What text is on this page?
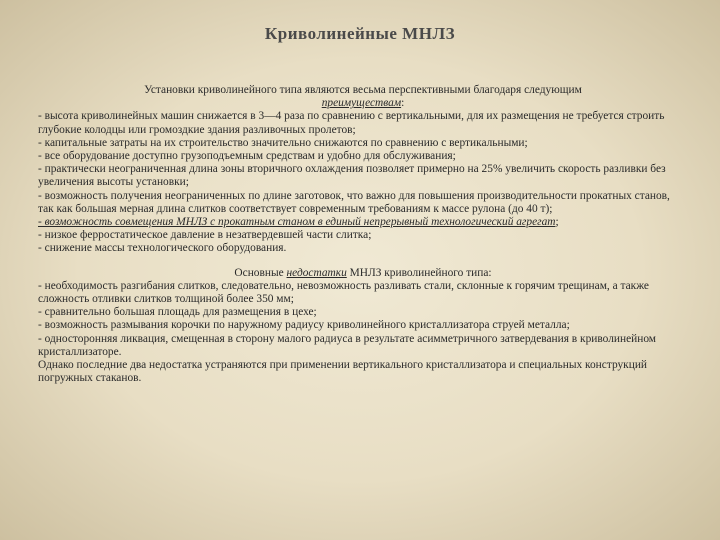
Криволинейные МНЛЗ

Установки криволинейного типа являются весьма перспективными благодаря следующим

преимуществам:

- высота криволинейных машин снижается в 3—4 раза по сравнению с вертикальными, для их размещения не требуется строить глубокие колодцы или громоздкие здания разливочных пролетов;

- капитальные затраты на их строительство значительно снижаются по сравнению с вертикальными;

- все оборудование доступно грузоподъемным средствам и удобно для обслуживания;

- практически неограниченная длина зоны вторичного охлаждения позволяет примерно на 25% увеличить скорость разливки без увеличения высоты установки;

- возможность получения неограниченных по длине заготовок, что важно для повышения производительности прокатных станов, так как большая мерная длина слитков соответствует современным требованиям к массе рулона (до 40 т);

- возможность совмещения МНЛЗ с прокатным станом в единый непрерывный технологический агрегат;

- низкое ферростатическое давление в незатвердевшей части слитка;

- снижение массы технологического оборудования.

Основные недостатки МНЛЗ криволинейного типа:

- необходимость разгибания слитков, следовательно, невозможность разливать стали, склонные к горячим трещинам, а также сложность отливки слитков толщиной более 350 мм;

- сравнительно большая площадь для размещения в цехе;

- возможность размывания корочки по наружному радиусу криволинейного кристаллизатора струей металла;

- односторонняя ликвация, смещенная в сторону малого радиуса в результате асимметричного затвердевания в криволинейном кристаллизаторе.

Однако последние два недостатка устраняются при применении вертикального кристаллизатора и специальных конструкций погружных стаканов.
